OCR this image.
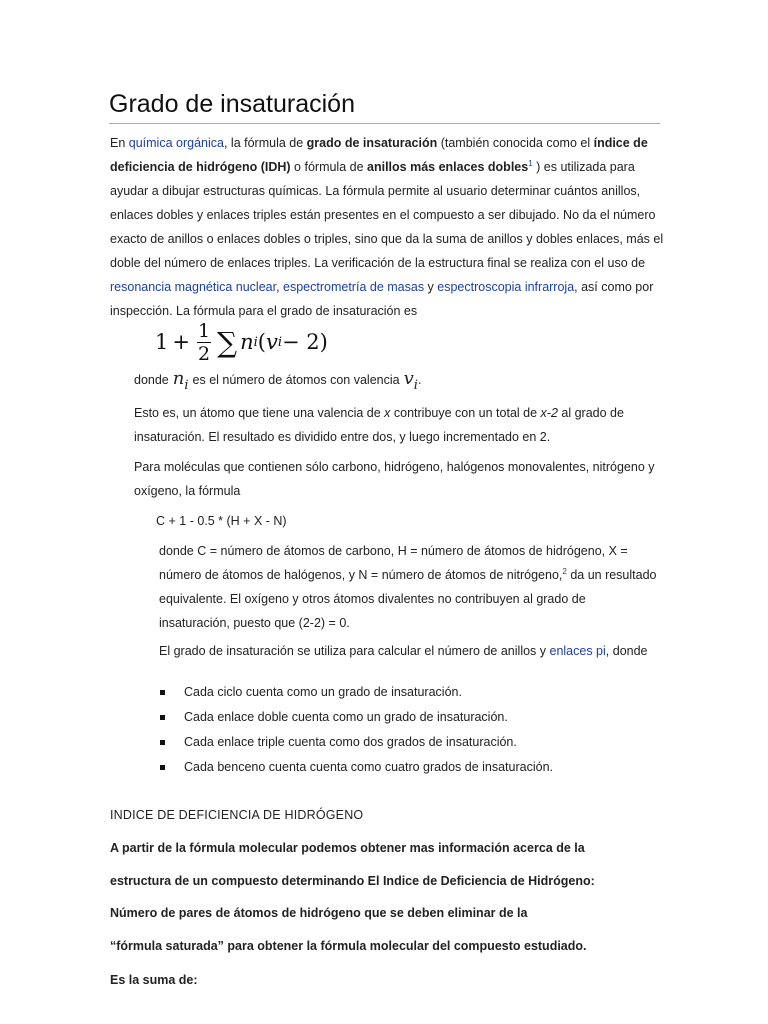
Grado de insaturación

En química orgánica, la fórmula de grado de insaturación (también conocida como el índice de deficiencia de hidrógeno (IDH) o fórmula de anillos más enlaces dobles$^1$ ) es utilizada para ayudar a dibujar estructuras químicas. La fórmula permite al usuario determinar cuántos anillos, enlaces dobles y enlaces triples están presentes en el compuesto a ser dibujado. No da el número exacto de anillos o enlaces dobles o triples, sino que da la suma de anillos y dobles enlaces, más el doble del número de enlaces triples. La verificación de la estructura final se realiza con el uso de resonancia magnética nuclear, espectrometría de masas y espectroscopia infrarroja, así como por inspección. La fórmula para el grado de insaturación es

$1 + \frac{1}{2}$ ∑ n i ( v i − 2)
donde $n_i$ es el número de átomos con valencia $v_i$ .

Esto es, un átomo que tiene una valencia de x contribuye con un total de x-2 al grado de insaturación. El resultado es dividido entre dos, y luego incrementado en 2.

Para moléculas que contienen sólo carbono, hidrógeno, halógenos monovalentes, nitrógeno y oxígeno, la fórmula

C + 1 - 0.5 * (H + X - N)

donde C = número de átomos de carbono, H = número de átomos de hidrógeno, X = número de átomos de halógenos, y N = número de átomos de nitrógeno,$^2$ da un resultado equivalente. El oxígeno y otros átomos divalentes no contribuyen al grado de insaturación, puesto que (2-2) = 0.

El grado de insaturación se utiliza para calcular el número de anillos y enlaces pi, donde

Cada ciclo cuenta como un grado de insaturación.
Cada enlace doble cuenta como un grado de insaturación.
Cada enlace triple cuenta como dos grados de insaturación.
Cada benceno cuenta cuenta como cuatro grados de insaturación.

INDICE DE DEFICIENCIA DE HIDRÓGENO

A partir de la fórmula molecular podemos obtener mas información acerca de la

estructura de un compuesto determinando El Indice de Deficiencia de Hidrógeno:

Número de pares de átomos de hidrógeno que se deben eliminar de la

“fórmula saturada” para obtener la fórmula molecular del compuesto estudiado.

Es la suma de:
